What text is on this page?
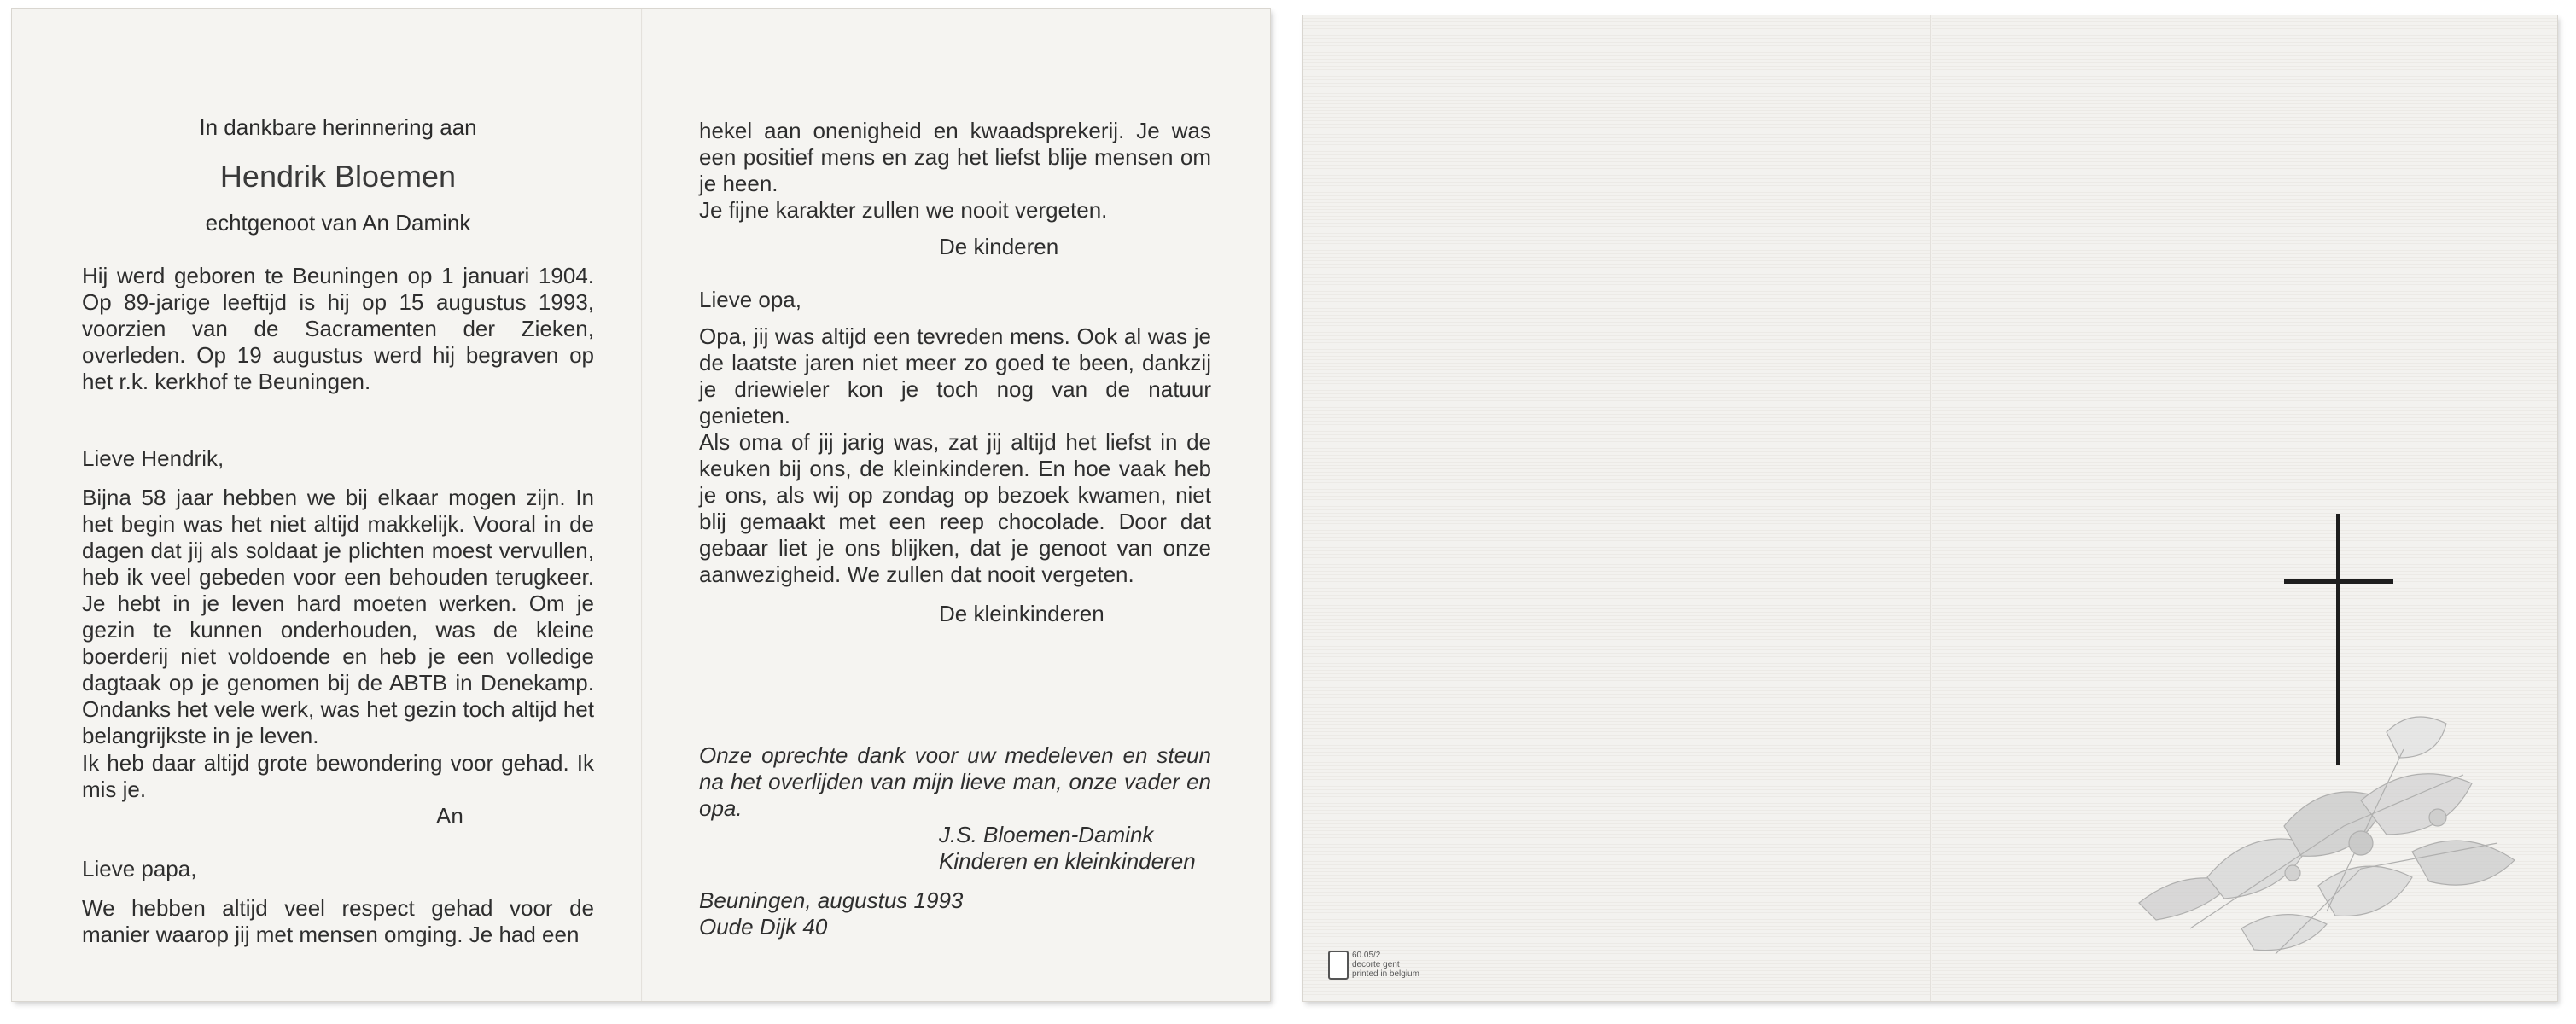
In dankbare herinnering aan
Hendrik Bloemen
echtgenoot van An Damink

Hij werd geboren te Beuningen op 1 januari 1904. Op 89-jarige leeftijd is hij op 15 augustus 1993, voorzien van de Sacramenten der Zieken, overleden. Op 19 augustus werd hij begraven op het r.k. kerkhof te Beuningen.

Lieve Hendrik,

Bijna 58 jaar hebben we bij elkaar mogen zijn. In het begin was het niet altijd makkelijk. Vooral in de dagen dat jij als soldaat je plichten moest vervullen, heb ik veel gebeden voor een behouden terugkeer. Je hebt in je leven hard moeten werken. Om je gezin te kunnen onderhouden, was de kleine boerderij niet voldoende en heb je een volledige dagtaak op je genomen bij de ABTB in Denekamp. Ondanks het vele werk, was het gezin toch altijd het belangrijkste in je leven.

Ik heb daar altijd grote bewondering voor gehad. Ik mis je.

An

Lieve papa,

We hebben altijd veel respect gehad voor de manier waarop jij met mensen omging. Je had een

hekel aan onenigheid en kwaadsprekerij. Je was een positief mens en zag het liefst blije mensen om je heen.

Je fijne karakter zullen we nooit vergeten.

De kinderen

Lieve opa,

Opa, jij was altijd een tevreden mens. Ook al was je de laatste jaren niet meer zo goed te been, dankzij je driewieler kon je toch nog van de natuur genieten.

Als oma of jij jarig was, zat jij altijd het liefst in de keuken bij ons, de kleinkinderen. En hoe vaak heb je ons, als wij op zondag op bezoek kwamen, niet blij gemaakt met een reep chocolade. Door dat gebaar liet je ons blijken, dat je genoot van onze aanwezigheid. We zullen dat nooit vergeten.

De kleinkinderen

Onze oprechte dank voor uw medeleven en steun na het overlijden van mijn lieve man, onze vader en opa.

J.S. Bloemen-Damink

Kinderen en kleinkinderen

Beuningen, augustus 1993

Oude Dijk 40

60.05/2
decorte gent
printed in belgium
